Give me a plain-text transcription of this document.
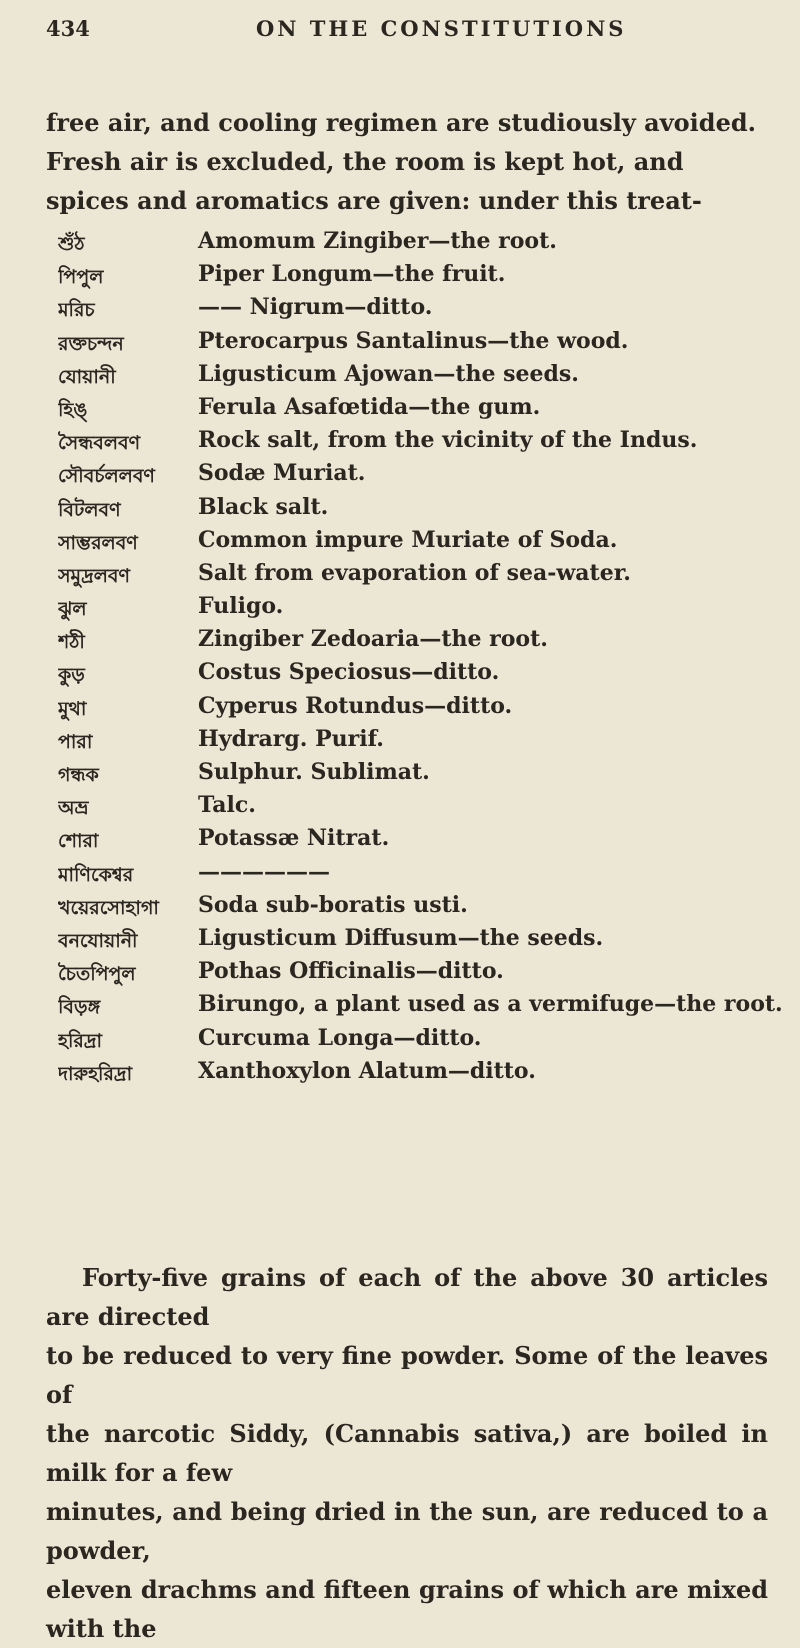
434	ON THE CONSTITUTIONS

free air, and cooling regimen are studiously avoided.

Fresh air is excluded, the room is kept hot, and

spices and aromatics are given: under this treat-

শুঁঠ	Amomum Zingiber—the root.
পিপুল	Piper Longum—the fruit.
মরিচ	—— Nigrum—ditto.
রক্তচন্দন	Pterocarpus Santalinus—the wood.
যোয়ানী	Ligusticum Ajowan—the seeds.
হিঙ্	Ferula Asafœtida—the gum.
সৈন্ধবলবণ	Rock salt, from the vicinity of the Indus.
সৌবর্চললবণ	Sodæ Muriat.
বিটলবণ	Black salt.
সাম্ভরলবণ	Common impure Muriate of Soda.
সমুদ্রলবণ	Salt from evaporation of sea-water.
ঝুল	Fuligo.
শঠী	Zingiber Zedoaria—the root.
কুড়	Costus Speciosus—ditto.
মুথা	Cyperus Rotundus—ditto.
পারা	Hydrarg. Purif.
গন্ধক	Sulphur. Sublimat.
অভ্র	Talc.
শোরা	Potassæ Nitrat.
মাণিকেশ্বর	——————
খয়েরসোহাগা	Soda sub-boratis usti.
বনযোয়ানী	Ligusticum Diffusum—the seeds.
চৈতপিপুল	Pothas Officinalis—ditto.
বিড়ঙ্গ	Birungo, a plant used as a vermifuge—the root.
হরিদ্রা	Curcuma Longa—ditto.
দারুহরিদ্রা	Xanthoxylon Alatum—ditto.

Forty-five grains of each of the above 30 articles are directed

to be reduced to very fine powder. Some of the leaves of

the narcotic Siddy, (Cannabis sativa,) are boiled in milk for a few

minutes, and being dried in the sun, are reduced to a powder,

eleven drachms and fifteen grains of which are mixed with the
